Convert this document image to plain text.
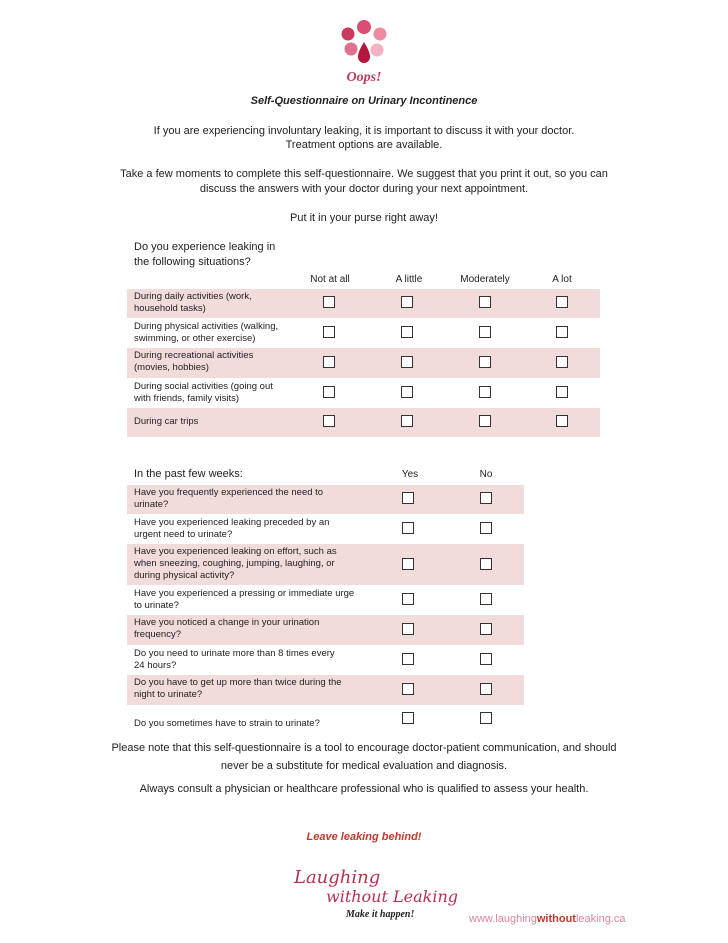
Oops!
Self-Questionnaire on Urinary Incontinence
If you are experiencing involuntary leaking, it is important to discuss it with your doctor.
Treatment options are available.
Take a few moments to complete this self-questionnaire. We suggest that you print it out, so you can
discuss the answers with your doctor during your next appointment.
Put it in your purse right away!
Do you experience leaking in
the following situations?
Not at all	A little	Moderately	A lot
During daily activities (work,
household tasks)
During physical activities (walking,
swimming, or other exercise)
During recreational activities
(movies, hobbies)
During social activities (going out
with friends, family visits)
During car trips
In the past few weeks:	Yes	No
Have you frequently experienced the need to
urinate?
Have you experienced leaking preceded by an
urgent need to urinate?
Have you experienced leaking on effort, such as
when sneezing, coughing, jumping, laughing, or
during physical activity?
Have you experienced a pressing or immediate urge
to urinate?
Have you noticed a change in your urination
frequency?
Do you need to urinate more than 8 times every
24 hours?
Do you have to get up more than twice during the
night to urinate?
Do you sometimes have to strain to urinate?
Please note that this self-questionnaire is a tool to encourage doctor-patient communication, and should
never be a substitute for medical evaluation and diagnosis.
Always consult a physician or healthcare professional who is qualified to assess your health.
Leave leaking behind!
Laughing
without Leaking
Make it happen!	www.laughingwithoutleaking.ca
